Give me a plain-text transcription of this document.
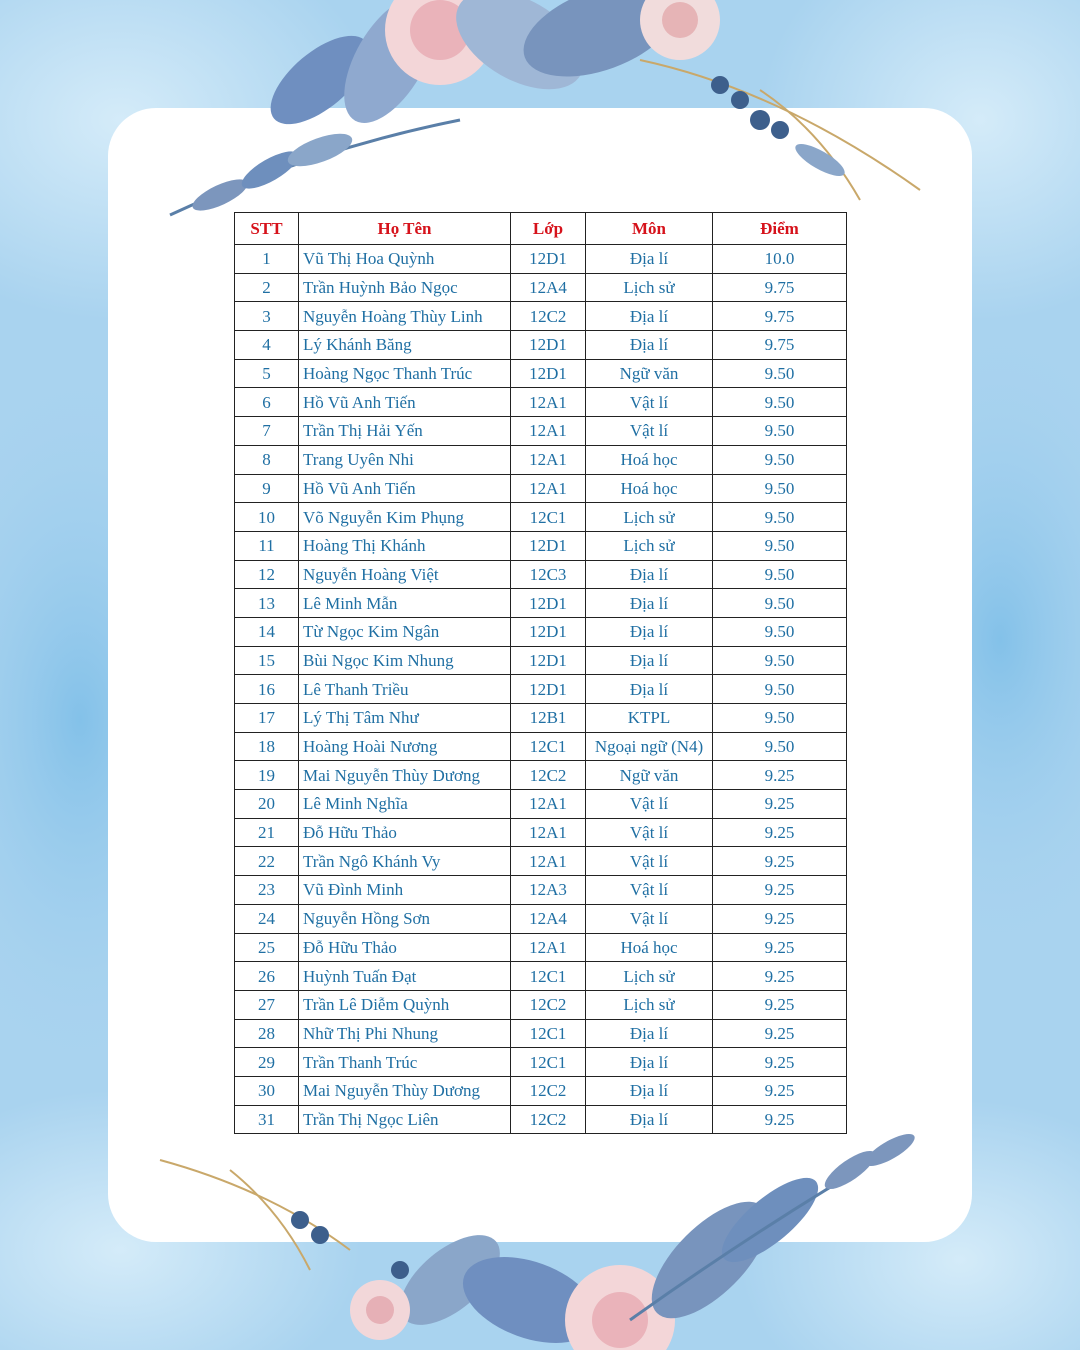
STT	Họ Tên	Lớp	Môn	Điểm
1	Vũ Thị Hoa Quỳnh	12D1	Địa lí	10.0
2	Trần Huỳnh Bảo Ngọc	12A4	Lịch sử	9.75
3	Nguyễn Hoàng Thùy Linh	12C2	Địa lí	9.75
4	Lý Khánh Băng	12D1	Địa lí	9.75
5	Hoàng Ngọc Thanh Trúc	12D1	Ngữ văn	9.50
6	Hồ Vũ Anh Tiến	12A1	Vật lí	9.50
7	Trần Thị Hải Yến	12A1	Vật lí	9.50
8	Trang Uyên Nhi	12A1	Hoá học	9.50
9	Hồ Vũ Anh Tiến	12A1	Hoá học	9.50
10	Võ Nguyễn Kim Phụng	12C1	Lịch sử	9.50
11	Hoàng Thị Khánh	12D1	Lịch sử	9.50
12	Nguyễn Hoàng Việt	12C3	Địa lí	9.50
13	Lê Minh Mẫn	12D1	Địa lí	9.50
14	Từ Ngọc Kim Ngân	12D1	Địa lí	9.50
15	Bùi Ngọc Kim Nhung	12D1	Địa lí	9.50
16	Lê Thanh Triều	12D1	Địa lí	9.50
17	Lý Thị Tâm Như	12B1	KTPL	9.50
18	Hoàng Hoài Nương	12C1	Ngoại ngữ (N4)	9.50
19	Mai Nguyễn Thùy Dương	12C2	Ngữ văn	9.25
20	Lê Minh Nghĩa	12A1	Vật lí	9.25
21	Đỗ Hữu Thảo	12A1	Vật lí	9.25
22	Trần Ngô Khánh Vy	12A1	Vật lí	9.25
23	Vũ Đình Minh	12A3	Vật lí	9.25
24	Nguyễn Hồng Sơn	12A4	Vật lí	9.25
25	Đỗ Hữu Thảo	12A1	Hoá học	9.25
26	Huỳnh Tuấn Đạt	12C1	Lịch sử	9.25
27	Trần Lê Diễm Quỳnh	12C2	Lịch sử	9.25
28	Nhữ Thị Phi Nhung	12C1	Địa lí	9.25
29	Trần Thanh Trúc	12C1	Địa lí	9.25
30	Mai Nguyễn Thùy Dương	12C2	Địa lí	9.25
31	Trần Thị Ngọc Liên	12C2	Địa lí	9.25
